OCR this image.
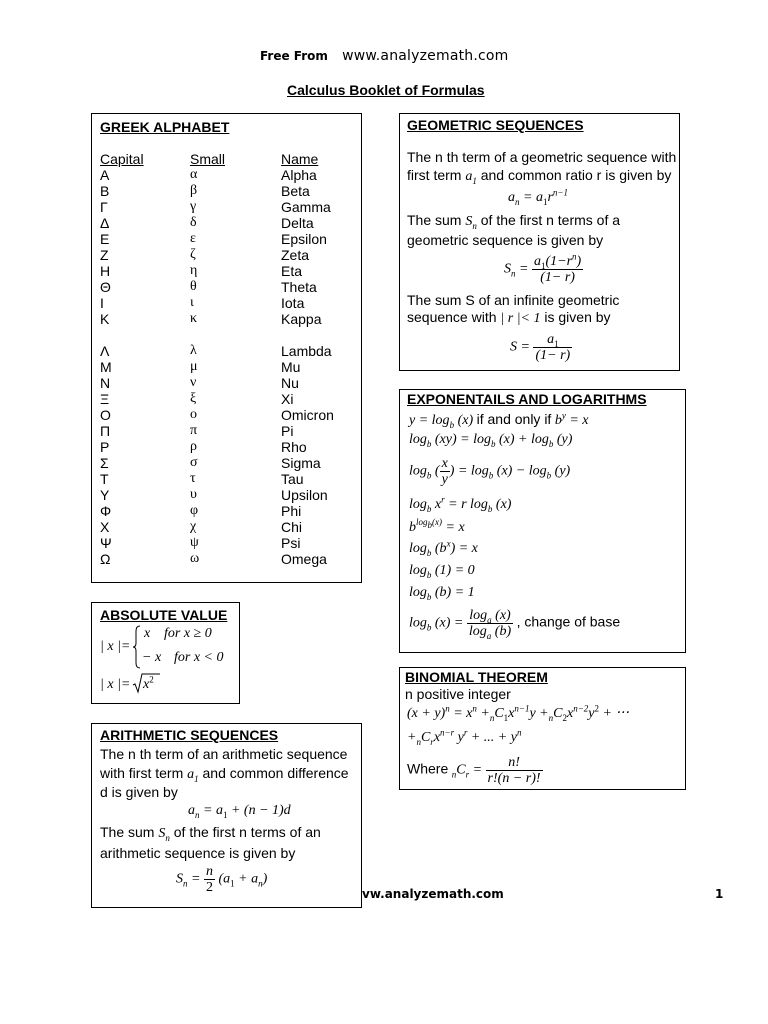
Free From www.analyzemath.com
Calculus Booklet of Formulas
GREEK ALPHABET
Capital
Α
Β
Γ
Δ
Ε
Ζ
Η
Θ
Ι
Κ
Λ
Μ
Ν
Ξ
Ο
Π
Ρ
Σ
Τ
Υ
Φ
Χ
Ψ
Ω
Small
α
β
γ
δ
ε
ζ
η
θ
ι
κ
λ
μ
ν
ξ
ο
π
ρ
σ
τ
υ
φ
χ
ψ
ω
Name
Alpha
Beta
Gamma
Delta
Epsilon
Zeta
Eta
Theta
Iota
Kappa
Lambda
Mu
Nu
Xi
Omicron
Pi
Rho
Sigma
Tau
Upsilon
Phi
Chi
Psi
Omega
ABSOLUTE VALUE
| x |=
x for x ≥ 0
− x for x < 0
| x |= $x^2$
ARITHMETIC SEQUENCES
The n th term of an arithmetic sequence
with first term $a_1$ and common difference
d is given by
$a_n = a_1 + (n - 1)d$
The sum $S_n$ of the first n terms of an
arithmetic sequence is given by
$S_n = \frac{n}{2} (a_1 + a_n)$
GEOMETRIC SEQUENCES
The n th term of a geometric sequence with
first term $a_1$ and common ratio r is given by
$a_n = a_1r^{n-1}$
The sum $S_n$ of the first n terms of a
geometric sequence is given by
$S_n = \frac{a_1(1-r^n)}{(1- r)}$
The sum S of an infinite geometric
sequence with | r |< 1 is given by
$S = \frac{a_1}{(1- r)}$
EXPONENTAILS AND LOGARITHMS
$y = \log_b (x)$ if and only if $b^y = x$
$\log_b (xy) = \log_b (x) + \log_b (y)$
$\log_b$ ( $\frac{x}{y}$ ) = $\log_b (x) - \log_b (y)$
$\log_b x^r = r$ $\log_b (x)$
$b^{log_b(x)} = x$
$\log_b (b^x) = x$
$\log_b (1) = 0$
$\log_b (b) = 1$
$\log_b (x) = \frac{\log_a (x)}{\log_a (b)}$ , change of base
BINOMIAL THEOREM
n positive integer
$(x + y)^n = x^n +_nC_1x^{n-1}y +_nC_2x^{n-2}y^2$ + ⋅⋅⋅
$+_nC_rx^{n-r}$ $y^r$ + ... + $y^n$
Where $_nC_r = \frac{n!}{r!(n - r)!}$
vw.analyzemath.com	1
